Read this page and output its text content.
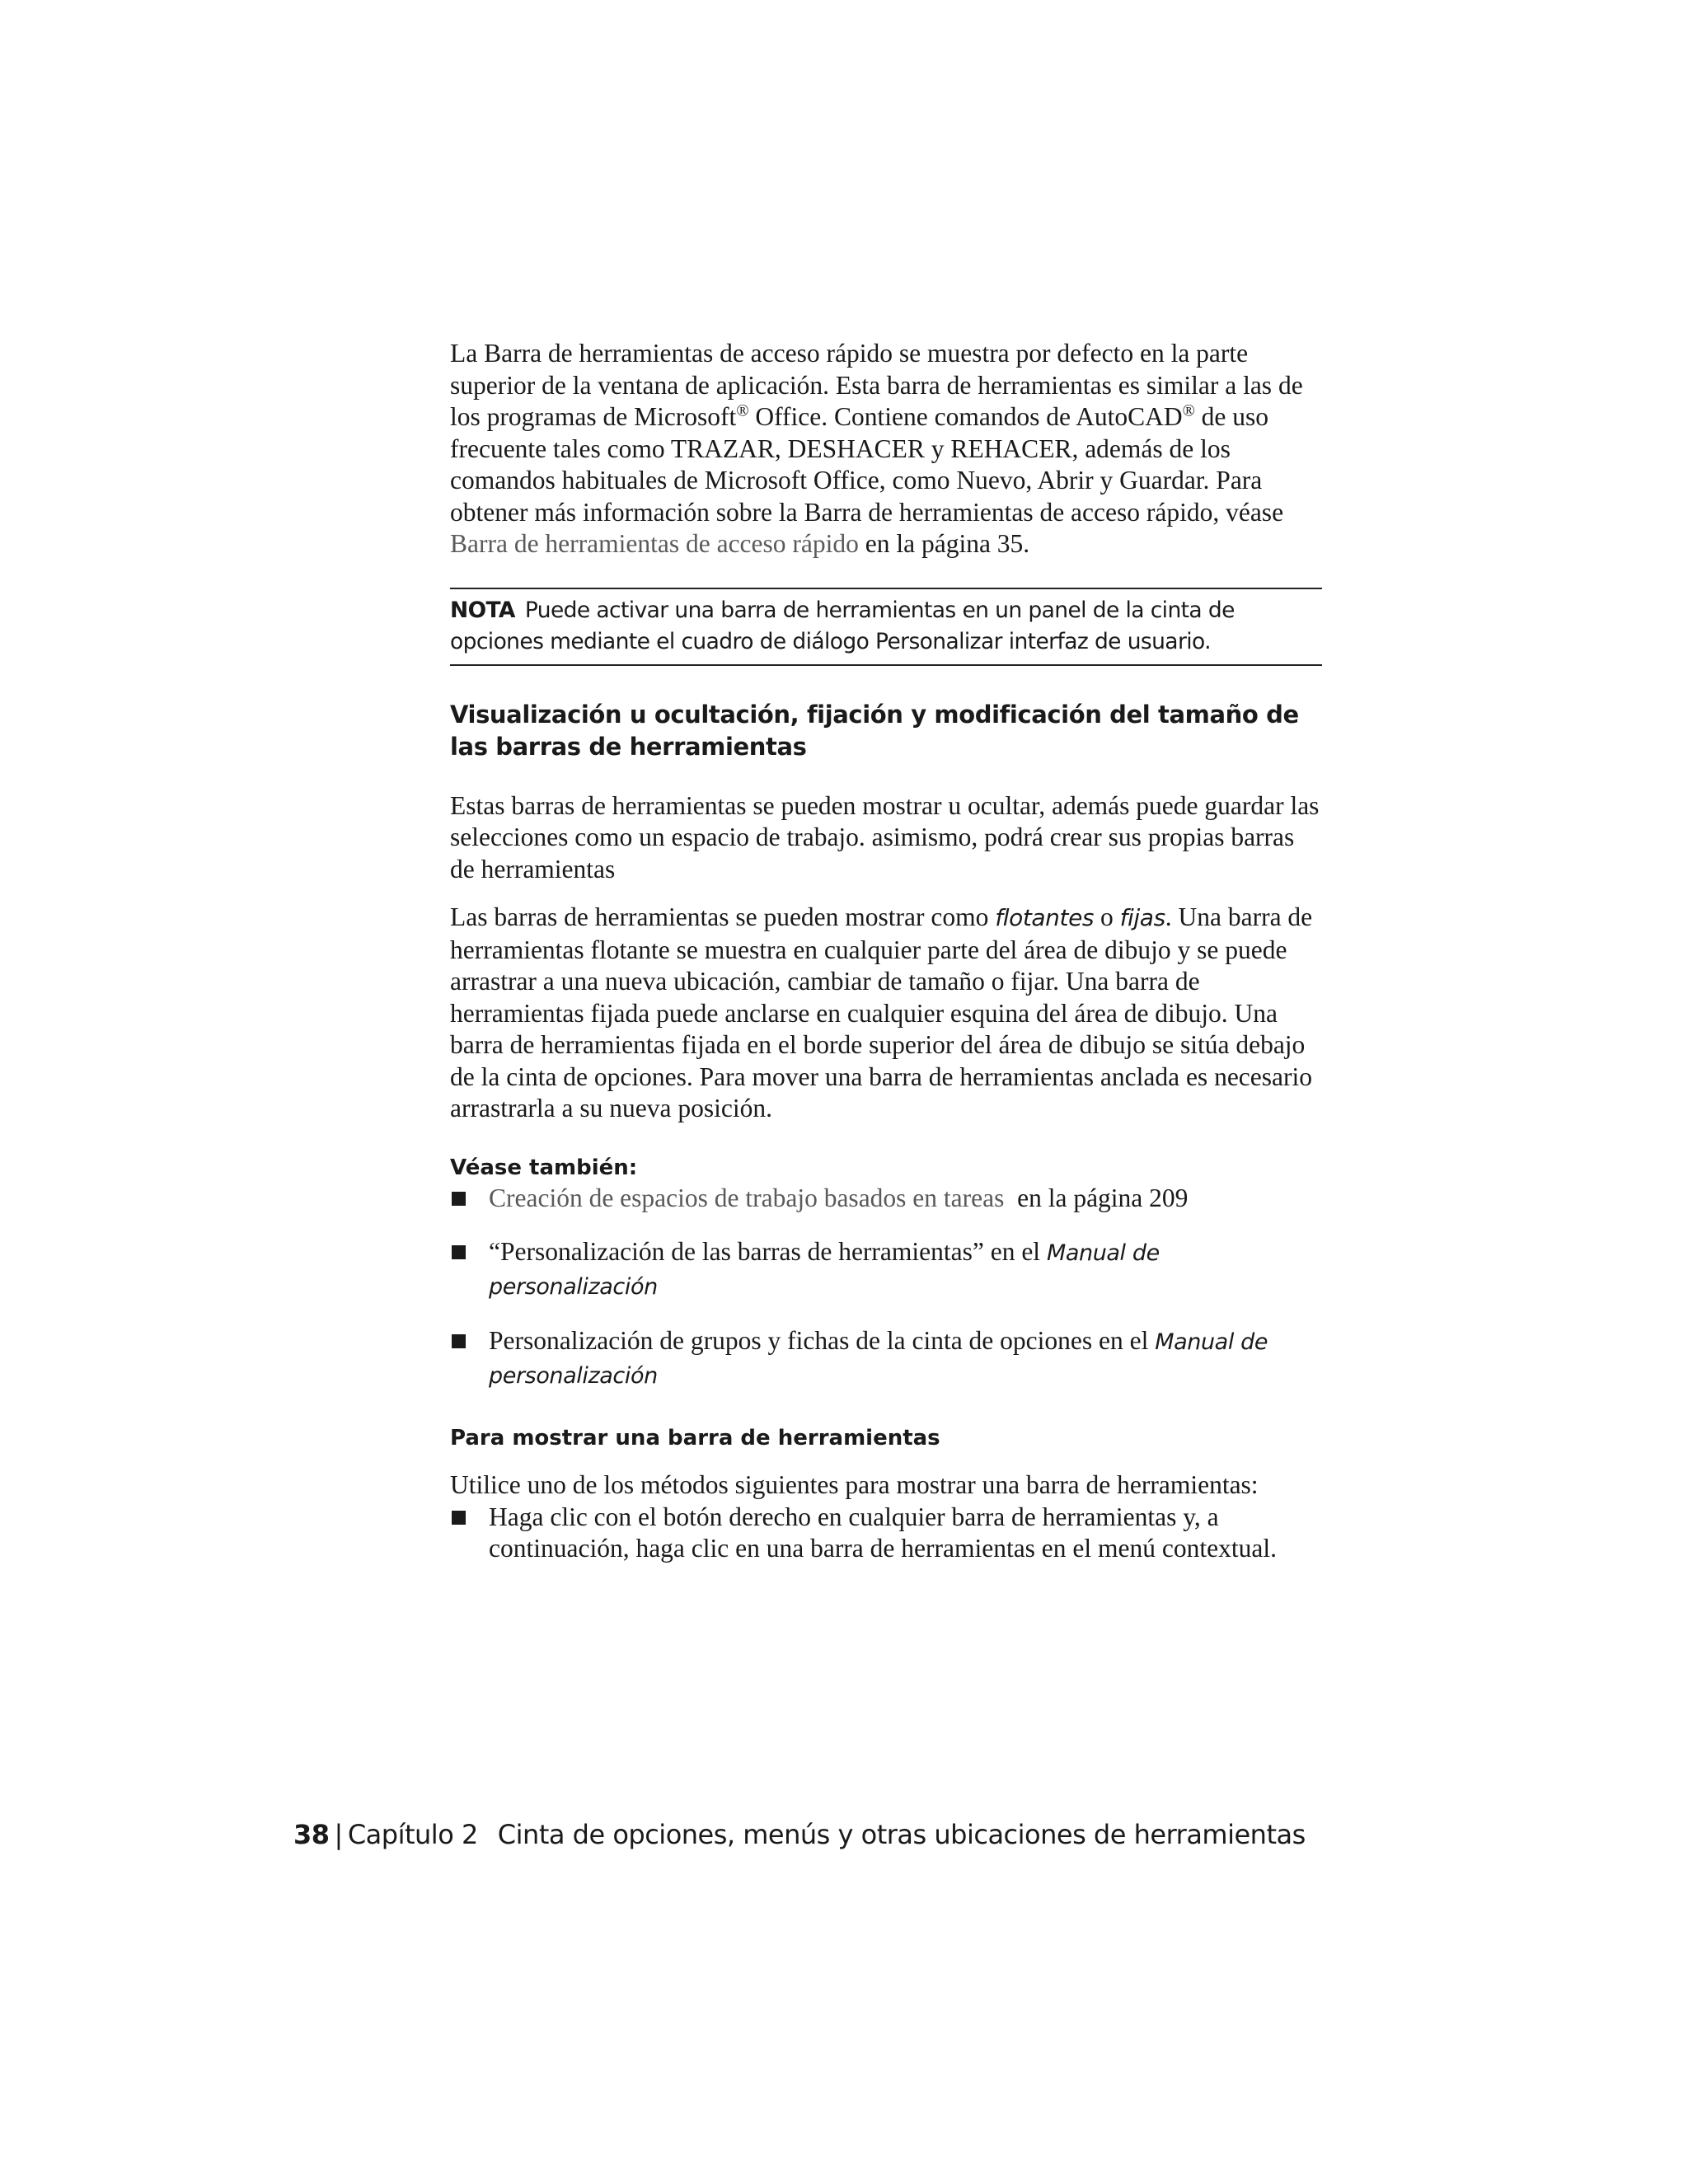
La Barra de herramientas de acceso rápido se muestra por defecto en la parte superior de la ventana de aplicación. Esta barra de herramientas es similar a las de los programas de Microsoft® Office. Contiene comandos de AutoCAD® de uso frecuente tales como TRAZAR, DESHACER y REHACER, además de los comandos habituales de Microsoft Office, como Nuevo, Abrir y Guardar. Para obtener más información sobre la Barra de herramientas de acceso rápido, véase Barra de herramientas de acceso rápido en la página 35.

NOTA Puede activar una barra de herramientas en un panel de la cinta de opciones mediante el cuadro de diálogo Personalizar interfaz de usuario.
Visualización u ocultación, fijación y modificación del tamaño de las barras de herramientas

Estas barras de herramientas se pueden mostrar u ocultar, además puede guardar las selecciones como un espacio de trabajo. asimismo, podrá crear sus propias barras de herramientas

Las barras de herramientas se pueden mostrar como flotantes o fijas. Una barra de herramientas flotante se muestra en cualquier parte del área de dibujo y se puede arrastrar a una nueva ubicación, cambiar de tamaño o fijar. Una barra de herramientas fijada puede anclarse en cualquier esquina del área de dibujo. Una barra de herramientas fijada en el borde superior del área de dibujo se sitúa debajo de la cinta de opciones. Para mover una barra de herramientas anclada es necesario arrastrarla a su nueva posición.

Véase también:
Creación de espacios de trabajo basados en tareas  en la página 209
“Personalización de las barras de herramientas” en el Manual de personalización
Personalización de grupos y fichas de la cinta de opciones en el Manual de personalización
Para mostrar una barra de herramientas

Utilice uno de los métodos siguientes para mostrar una barra de herramientas:

Haga clic con el botón derecho en cualquier barra de herramientas y, a continuación, haga clic en una barra de herramientas en el menú contextual.
38 | Capítulo 2 Cinta de opciones, menús y otras ubicaciones de herramientas
